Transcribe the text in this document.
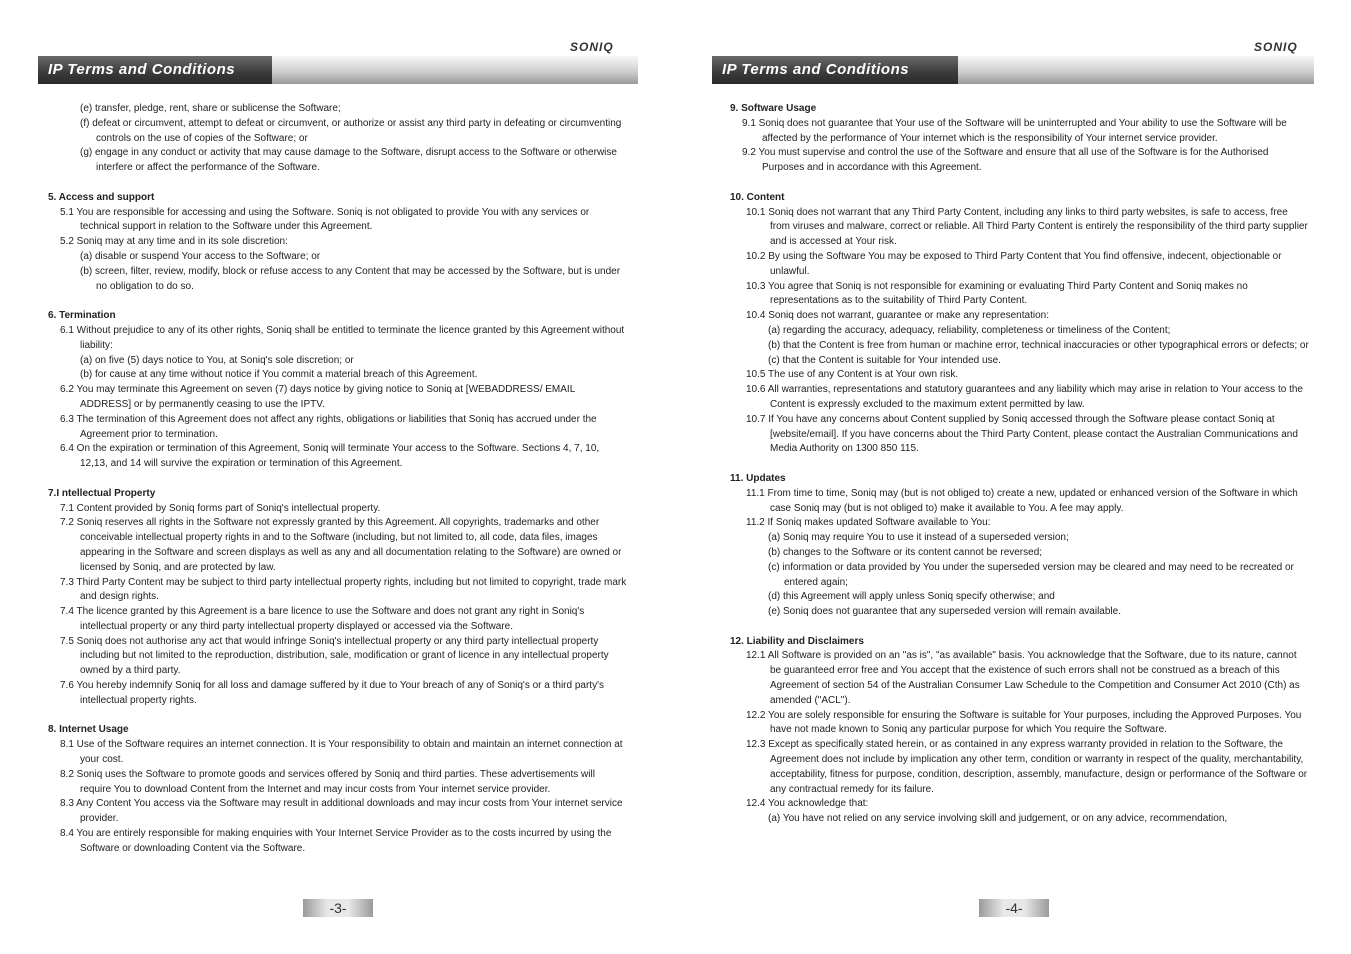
SONIQ
IP Terms and Conditions
(e) transfer, pledge, rent, share or sublicense the Software;
(f) defeat or circumvent, attempt to defeat or circumvent, or authorize or assist any third party in defeating or circumventing controls on the use of copies of the Software; or
(g) engage in any conduct or activity that may cause damage to the Software, disrupt access to the Software or otherwise interfere or affect the performance of the Software.
5. Access and support
5.1 You are responsible for accessing and using the Software. Soniq is not obligated to provide You with any services or technical support in relation to the Software under this Agreement.
5.2 Soniq may at any time and in its sole discretion:
(a) disable or suspend Your access to the Software; or
(b) screen, filter, review, modify, block or refuse access to any Content that may be accessed by the Software, but is under no obligation to do so.
6. Termination
6.1 Without prejudice to any of its other rights, Soniq shall be entitled to terminate the licence granted by this Agreement without liability:
(a) on five (5) days notice to You, at Soniq's sole discretion; or
(b) for cause at any time without notice if You commit a material breach of this Agreement.
6.2 You may terminate this Agreement on seven (7) days notice by giving notice to Soniq at [WEBADDRESS/ EMAIL ADDRESS] or by permanently ceasing to use the IPTV.
6.3 The termination of this Agreement does not affect any rights, obligations or liabilities that Soniq has accrued under the Agreement prior to termination.
6.4 On the expiration or termination of this Agreement, Soniq will terminate Your access to the Software. Sections 4, 7, 10, 12,13, and 14 will survive the expiration or termination of this Agreement.
7.I ntellectual Property
7.1 Content provided by Soniq forms part of Soniq's intellectual property.
7.2 Soniq reserves all rights in the Software not expressly granted by this Agreement. All copyrights, trademarks and other conceivable intellectual property rights in and to the Software (including, but not limited to, all code, data files, images appearing in the Software and screen displays as well as any and all documentation relating to the Software) are owned or licensed by Soniq, and are protected by law.
7.3 Third Party Content may be subject to third party intellectual property rights, including but not limited to copyright, trade mark and design rights.
7.4 The licence granted by this Agreement is a bare licence to use the Software and does not grant any right in Soniq's intellectual property or any third party intellectual property displayed or accessed via the Software.
7.5 Soniq does not authorise any act that would infringe Soniq's intellectual property or any third party intellectual property including but not limited to the reproduction, distribution, sale, modification or grant of licence in any intellectual property owned by a third party.
7.6 You hereby indemnify Soniq for all loss and damage suffered by it due to Your breach of any of Soniq's or a third party's intellectual property rights.
8. Internet Usage
8.1 Use of the Software requires an internet connection. It is Your responsibility to obtain and maintain an internet connection at your cost.
8.2 Soniq uses the Software to promote goods and services offered by Soniq and third parties. These advertisements will require You to download Content from the Internet and may incur costs from Your internet service provider.
8.3 Any Content You access via the Software may result in additional downloads and may incur costs from Your internet service provider.
8.4 You are entirely responsible for making enquiries with Your Internet Service Provider as to the costs incurred by using the Software or downloading Content via the Software.
-3-
SONIQ
IP Terms and Conditions
9. Software Usage
9.1 Soniq does not guarantee that Your use of the Software will be uninterrupted and Your ability to use the Software will be affected by the performance of Your internet which is the responsibility of Your internet service provider.
9.2 You must supervise and control the use of the Software and ensure that all use of the Software is for the Authorised Purposes and in accordance with this Agreement.
10. Content
10.1 Soniq does not warrant that any Third Party Content, including any links to third party websites, is safe to access, free from viruses and malware, correct or reliable. All Third Party Content is entirely the responsibility of the third party supplier and is accessed at Your risk.
10.2 By using the Software You may be exposed to Third Party Content that You find offensive, indecent, objectionable or unlawful.
10.3 You agree that Soniq is not responsible for examining or evaluating Third Party Content and Soniq makes no representations as to the suitability of Third Party Content.
10.4 Soniq does not warrant, guarantee or make any representation:
(a) regarding the accuracy, adequacy, reliability, completeness or timeliness of the Content;
(b) that the Content is free from human or machine error, technical inaccuracies or other typographical errors or defects; or
(c) that the Content is suitable for Your intended use.
10.5 The use of any Content is at Your own risk.
10.6 All warranties, representations and statutory guarantees and any liability which may arise in relation to Your access to the Content is expressly excluded to the maximum extent permitted by law.
10.7 If You have any concerns about Content supplied by Soniq accessed through the Software please contact Soniq at [website/email]. If you have concerns about the Third Party Content, please contact the Australian Communications and Media Authority on 1300 850 115.
11. Updates
11.1 From time to time, Soniq may (but is not obliged to) create a new, updated or enhanced version of the Software in which case Soniq may (but is not obliged to) make it available to You. A fee may apply.
11.2 If Soniq makes updated Software available to You:
(a) Soniq may require You to use it instead of a superseded version;
(b) changes to the Software or its content cannot be reversed;
(c) information or data provided by You under the superseded version may be cleared and may need to be recreated or entered again;
(d) this Agreement will apply unless Soniq specify otherwise; and
(e) Soniq does not guarantee that any superseded version will remain available.
12. Liability and Disclaimers
12.1 All Software is provided on an "as is", "as available" basis. You acknowledge that the Software, due to its nature, cannot be guaranteed error free and You accept that the existence of such errors shall not be construed as a breach of this Agreement of section 54 of the Australian Consumer Law Schedule to the Competition and Consumer Act 2010 (Cth) as amended ("ACL").
12.2 You are solely responsible for ensuring the Software is suitable for Your purposes, including the Approved Purposes. You have not made known to Soniq any particular purpose for which You require the Software.
12.3 Except as specifically stated herein, or as contained in any express warranty provided in relation to the Software, the Agreement does not include by implication any other term, condition or warranty in respect of the quality, merchantability, acceptability, fitness for purpose, condition, description, assembly, manufacture, design or performance of the Software or any contractual remedy for its failure.
12.4 You acknowledge that:
(a) You have not relied on any service involving skill and judgement, or on any advice, recommendation,
-4-
